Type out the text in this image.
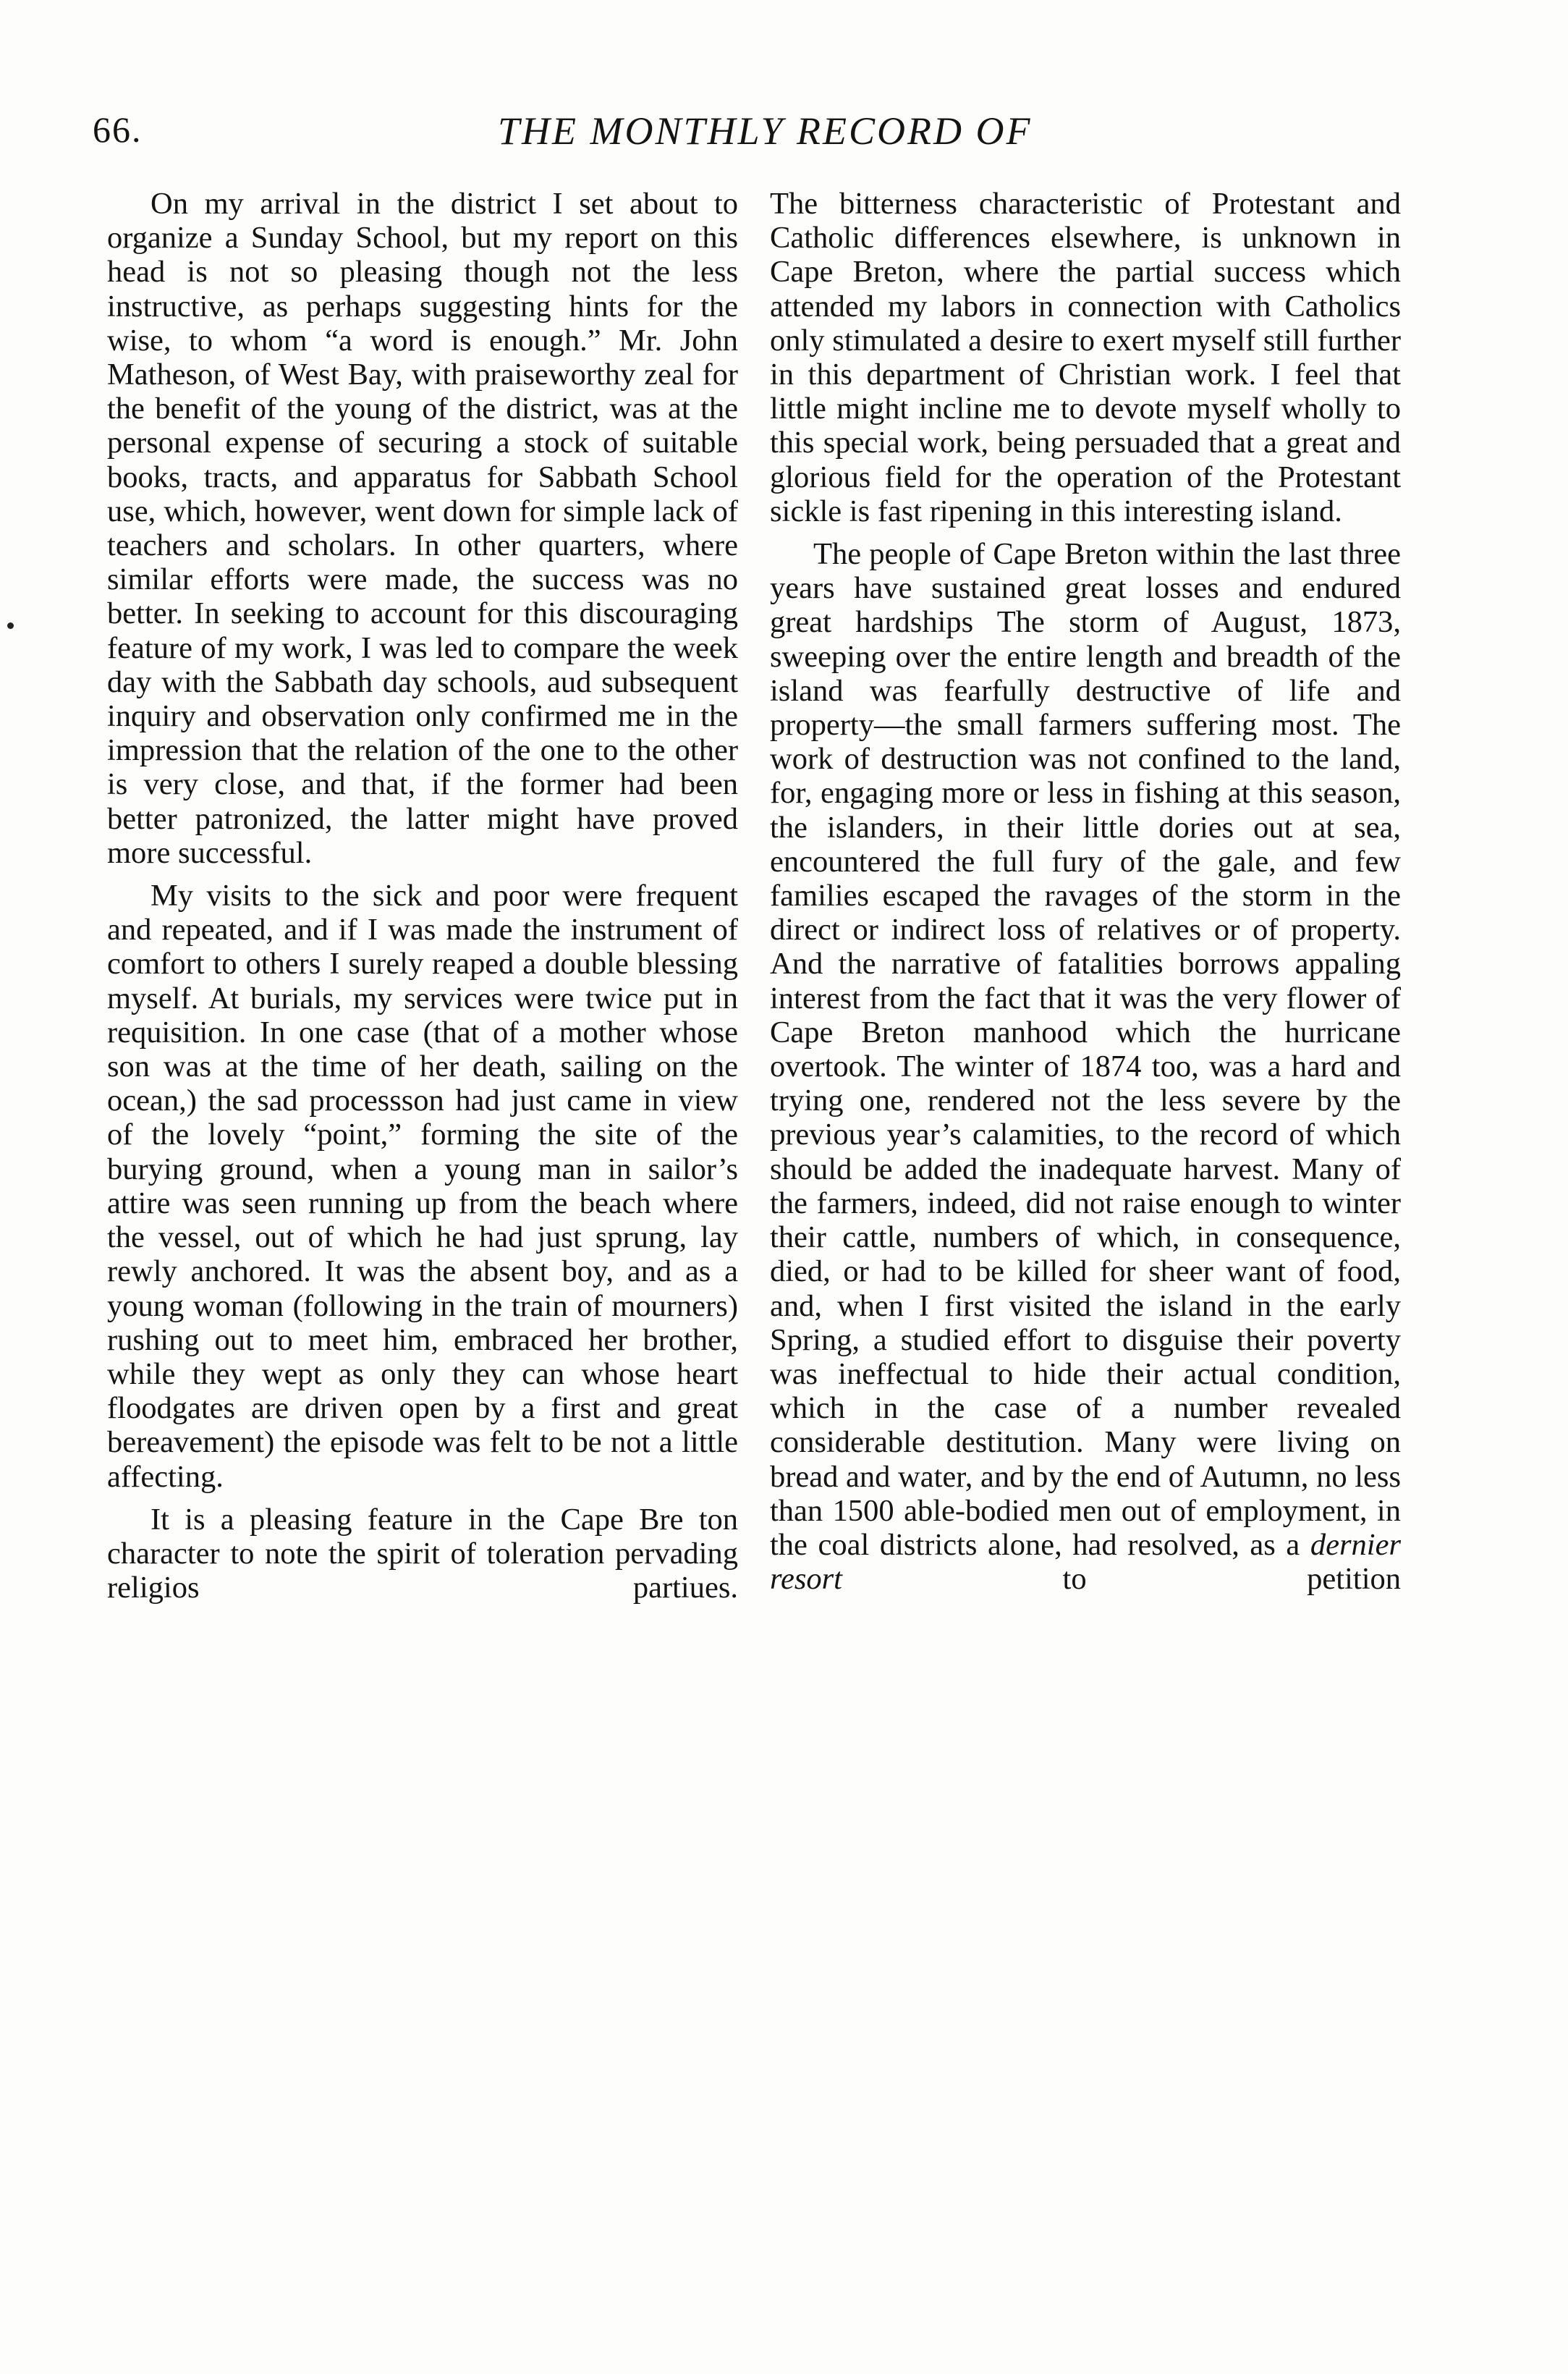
66.	THE MONTHLY RECORD OF

On my arrival in the district I set about to organize a Sunday School, but my report on this head is not so pleasing though not the less instructive, as perhaps suggesting hints for the wise, to whom “a word is enough.” Mr. John Matheson, of West Bay, with praiseworthy zeal for the benefit of the young of the district, was at the personal expense of securing a stock of suitable books, tracts, and apparatus for Sabbath School use, which, however, went down for simple lack of teachers and scholars. In other quarters, where similar efforts were made, the success was no better. In seeking to account for this discouraging feature of my work, I was led to compare the week day with the Sabbath day schools, aud subsequent inquiry and observation only confirmed me in the impression that the relation of the one to the other is very close, and that, if the former had been better patronized, the latter might have proved more successful.

My visits to the sick and poor were frequent and repeated, and if I was made the instrument of comfort to others I surely reaped a double blessing myself. At burials, my services were twice put in requisition. In one case (that of a mother whose son was at the time of her death, sailing on the ocean,) the sad processson had just came in view of the lovely “point,” forming the site of the burying ground, when a young man in sailor’s attire was seen running up from the beach where the vessel, out of which he had just sprung, lay rewly anchored. It was the absent boy, and as a young woman (following in the train of mourners) rushing out to meet him, embraced her brother, while they wept as only they can whose heart floodgates are driven open by a first and great bereavement) the episode was felt to be not a little affecting.

It is a pleasing feature in the Cape Bre ton character to note the spirit of toleration pervading religios partiues.

The bitterness characteristic of Protestant and Catholic differences elsewhere, is unknown in Cape Breton, where the partial success which attended my labors in connection with Catholics only stimulated a desire to exert myself still further in this department of Christian work. I feel that little might incline me to devote myself wholly to this special work, being persuaded that a great and glorious field for the operation of the Protestant sickle is fast ripening in this interesting island.

The people of Cape Breton within the last three years have sustained great losses and endured great hardships The storm of August, 1873, sweeping over the entire length and breadth of the island was fearfully destructive of life and property—the small farmers suffering most. The work of destruction was not confined to the land, for, engaging more or less in fishing at this season, the islanders, in their little dories out at sea, encountered the full fury of the gale, and few families escaped the ravages of the storm in the direct or indirect loss of relatives or of property. And the narrative of fatalities borrows appaling interest from the fact that it was the very flower of Cape Breton manhood which the hurricane overtook. The winter of 1874 too, was a hard and trying one, rendered not the less severe by the previous year’s calamities, to the record of which should be added the inadequate harvest. Many of the farmers, indeed, did not raise enough to winter their cattle, numbers of which, in consequence, died, or had to be killed for sheer want of food, and, when I first visited the island in the early Spring, a studied effort to disguise their poverty was ineffectual to hide their actual condition, which in the case of a number revealed considerable destitution. Many were living on bread and water, and by the end of Autumn, no less than 1500 able-bodied men out of employment, in the coal districts alone, had resolved, as a dernier resort to petition
